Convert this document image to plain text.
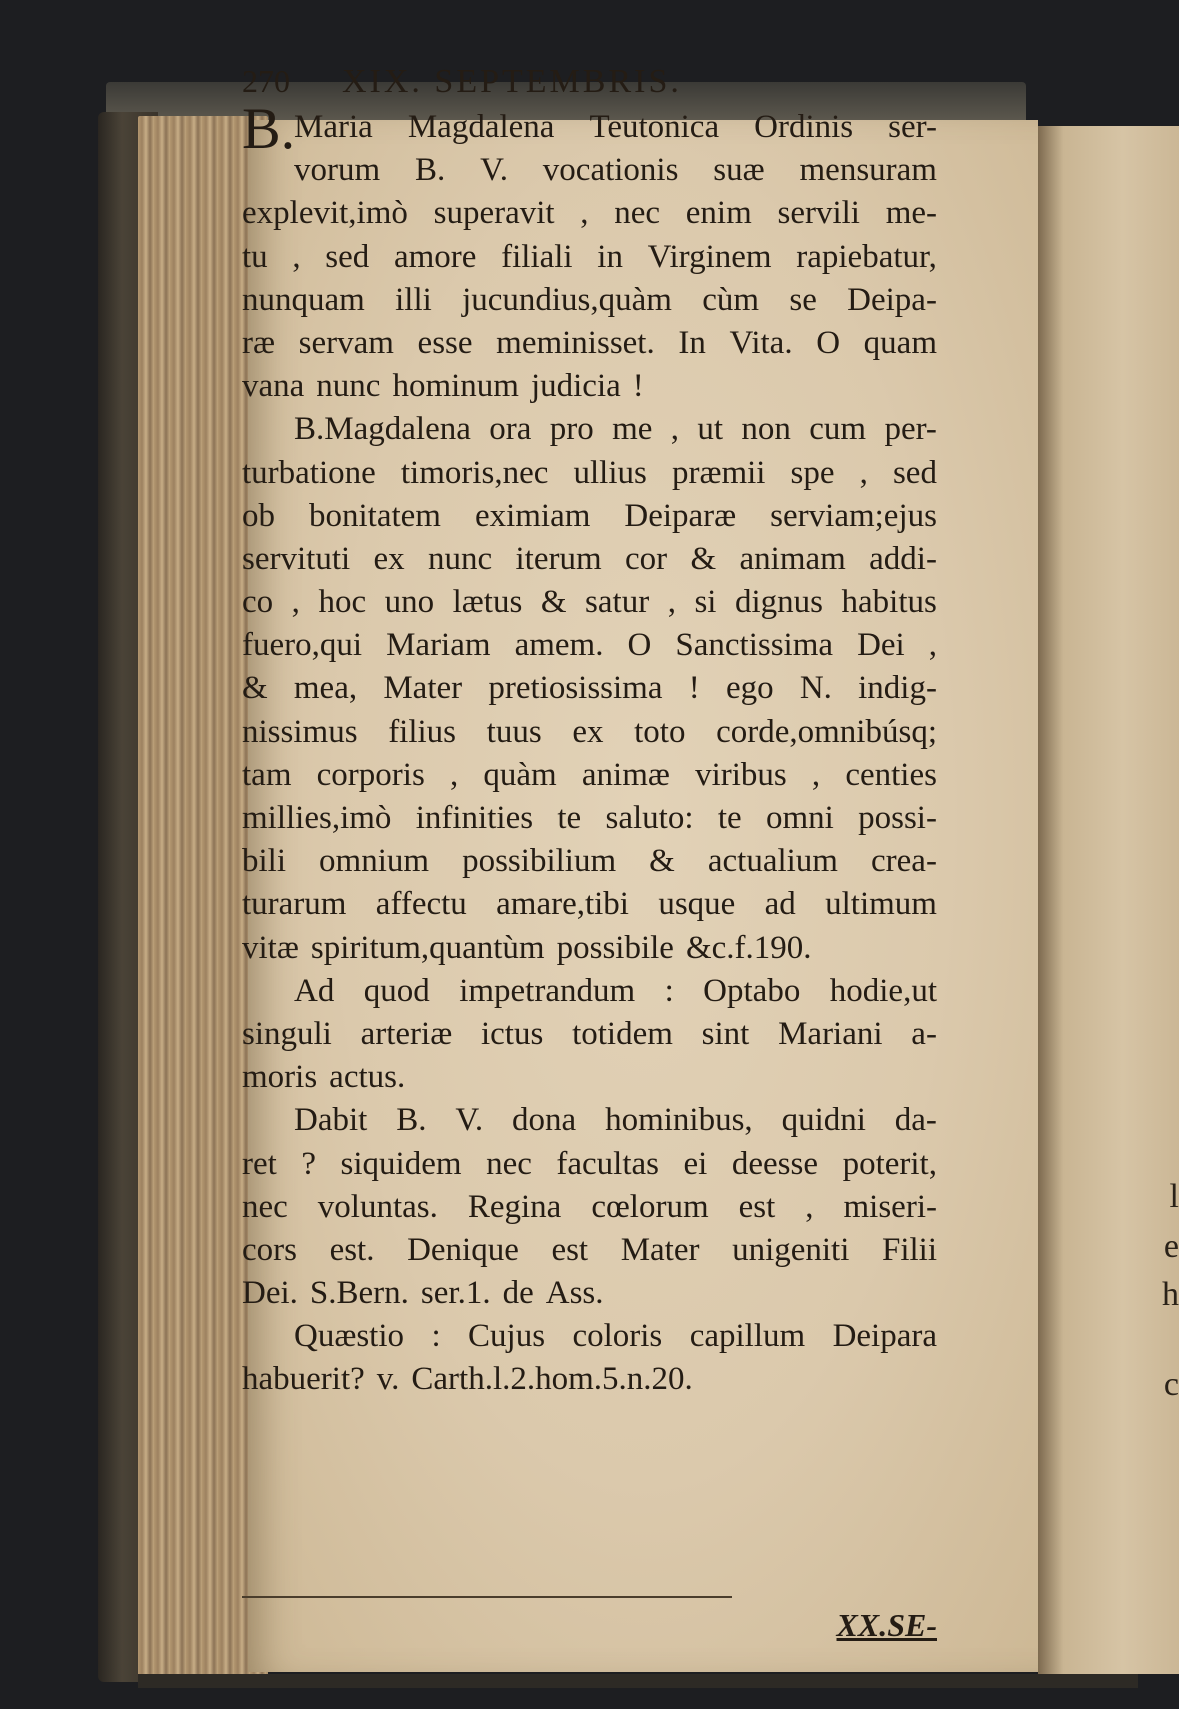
l
e
h
c
270	XIX. SEPTEMBRIS.
Maria Magdalena Teutonica Ordinis ser-
vorum B. V. vocationis suæ mensuram
explevit,imò superavit , nec enim servili me-
tu , sed amore filiali in Virginem rapiebatur,
nunquam illi jucundius,quàm cùm se Deipa-
ræ servam esse meminisset. In Vita. O quam
vana nunc hominum judicia !
B.Magdalena ora pro me , ut non cum per-
turbatione timoris,nec ullius præmii spe , sed
ob bonitatem eximiam Deiparæ serviam;ejus
servituti ex nunc iterum cor & animam addi-
co , hoc uno lætus & satur , si dignus habitus
fuero,qui Mariam amem. O Sanctissima Dei ,
& mea, Mater pretiosissima ! ego N. indig-
nissimus filius tuus ex toto corde,omnibúsq;
tam corporis , quàm animæ viribus , centies
millies,imò infinities te saluto: te omni possi-
bili omnium possibilium & actualium crea-
turarum affectu amare,tibi usque ad ultimum
vitæ spiritum,quantùm possibile &c.f.190.
Ad quod impetrandum : Optabo hodie,ut
singuli arteriæ ictus totidem sint Mariani a-
moris actus.
Dabit B. V. dona hominibus, quidni da-
ret ? siquidem nec facultas ei deesse poterit,
nec voluntas. Regina cœlorum est , miseri-
cors est. Denique est Mater unigeniti Filii
Dei. S.Bern. ser.1. de Ass.
Quæstio : Cujus coloris capillum Deipara
habuerit? v. Carth.l.2.hom.5.n.20.
XX.SE-
B.
